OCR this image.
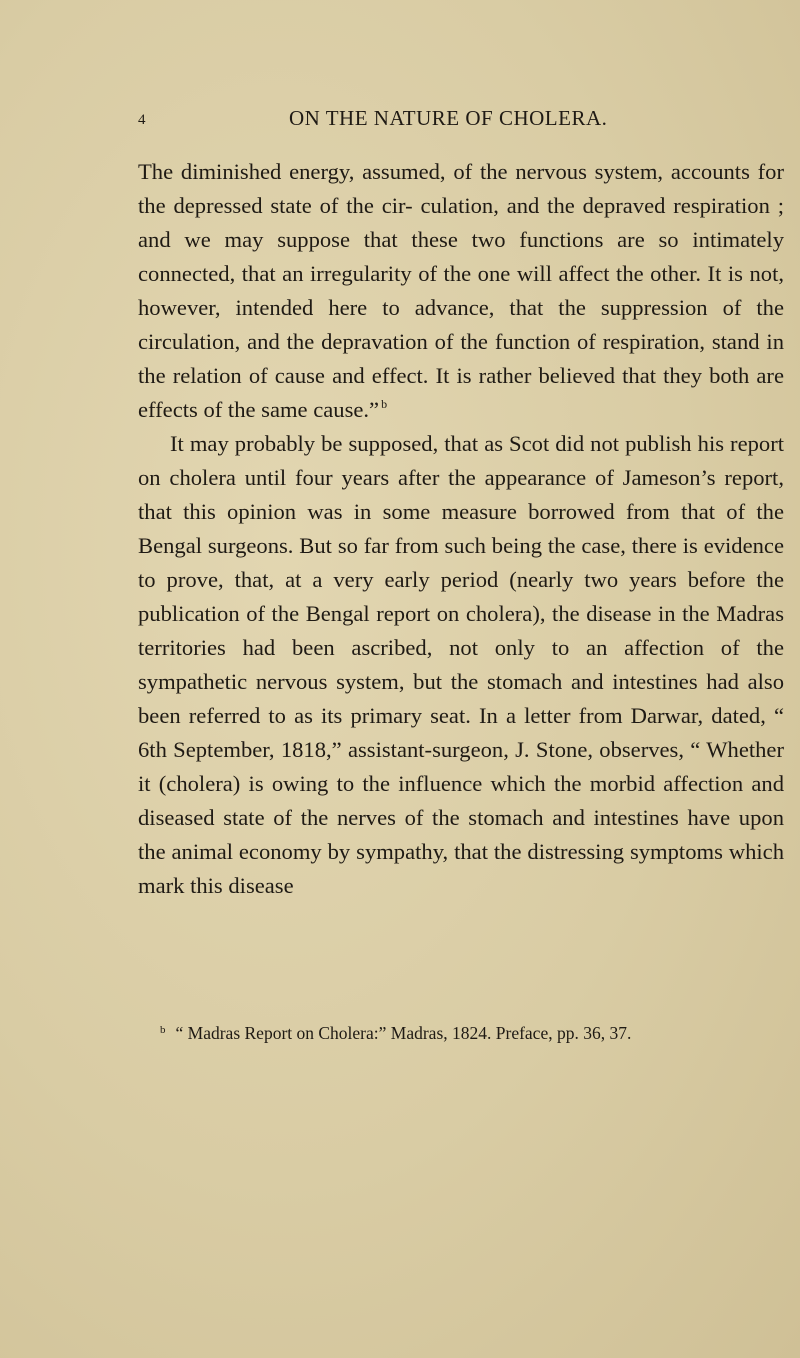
4	ON THE NATURE OF CHOLERA.

The diminished energy, assumed, of the nervous system, accounts for the depressed state of the cir- culation, and the depraved respiration ; and we may suppose that these two functions are so intimately connected, that an irregularity of the one will affect the other. It is not, however, intended here to advance, that the suppression of the circulation, and the depravation of the function of respiration, stand in the relation of cause and effect. It is rather believed that they both are effects of the same cause.” $^b$

It may probably be supposed, that as Scot did not publish his report on cholera until four years after the appearance of Jameson’s report, that this opinion was in some measure borrowed from that of the Bengal surgeons. But so far from such being the case, there is evidence to prove, that, at a very early period (nearly two years before the publication of the Bengal report on cholera), the disease in the Madras territories had been ascribed, not only to an affection of the sympathetic nervous system, but the stomach and intestines had also been referred to as its primary seat. In a letter from Darwar, dated, “ 6th September, 1818,” assistant-surgeon, J. Stone, observes, “ Whether it (cholera) is owing to the influence which the morbid affection and diseased state of the nerves of the stomach and intestines have upon the animal economy by sympathy, that the distressing symptoms which mark this disease

$^b$ “ Madras Report on Cholera:” Madras, 1824. Preface, pp. 36, 37.
